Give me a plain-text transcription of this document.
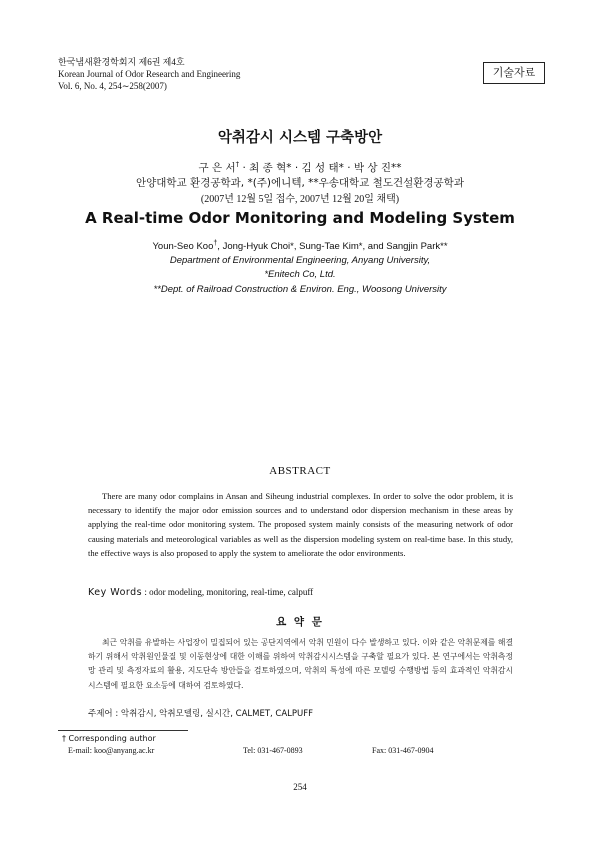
한국냄새환경학회지 제6권 제4호
Korean Journal of Odor Research and Engineering
Vol. 6, No. 4, 254∼258(2007)
기술자료
악취감시 시스템 구축방안
구 은 서† · 최 종 혁* · 김 성 태* · 박 상 진**
안양대학교 환경공학과, *(주)에니텍, **우송대학교 철도건설환경공학과
(2007년 12월 5일 접수, 2007년 12월 20일 채택)
A Real-time Odor Monitoring and Modeling System
Youn-Seo Koo†, Jong-Hyuk Choi*, Sung-Tae Kim*, and Sangjin Park**
Department of Environmental Engineering, Anyang University,
*Enitech Co, Ltd.
**Dept. of Railroad Construction & Environ. Eng., Woosong University
ABSTRACT
There are many odor complains in Ansan and Siheung industrial complexes. In order to solve the odor problem, it is necessary to identify the major odor emission sources and to understand odor dispersion mechanism in these areas by applying the real-time odor monitoring system. The proposed system mainly consists of the measuring network of odor causing materials and meteorological variables as well as the dispersion modeling system on real-time base. In this study, the effective ways is also proposed to apply the system to ameliorate the odor environments.
Key Words : odor modeling, monitoring, real-time, calpuff
요 약 문
최근 악취를 유발하는 사업장이 밀집되어 있는 공단지역에서 악취 민원이 다수 발생하고 있다. 이와 같은 악취문제를 해결하기 위해서 악취원인물질 및 이동현상에 대한 이해를 위하여 악취감시시스템을 구축할 필요가 있다. 본 연구에서는 악취측정망 관리 및 측정자료의 활용, 지도단속 방안들을 검토하였으며, 악취의 특성에 따른 모델링 수행방법 등의 효과적인 악취감시 시스템에 필요한 요소등에 대하여 검토하였다.
주제어 : 악취감시, 악취모델링, 실시간, CALMET, CALPUFF
† Corresponding author
E-mail: koo@anyang.ac.kr	Tel: 031-467-0893	Fax: 031-467-0904
254
